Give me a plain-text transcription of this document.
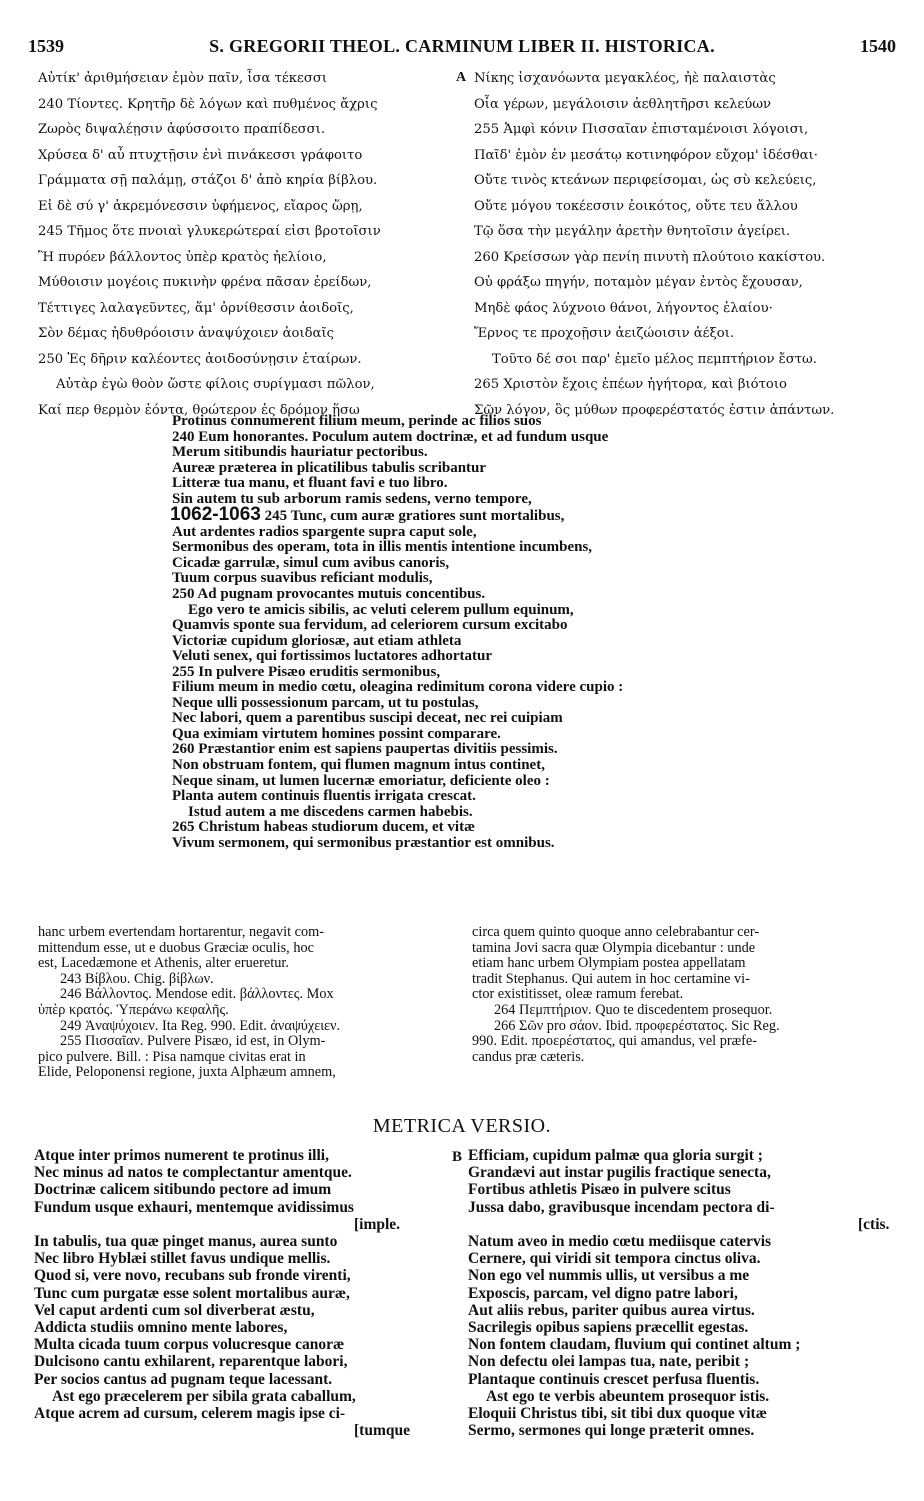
1539	S. GREGORII THEOL. CARMINUM LIBER II. HISTORICA.	1540
Αὐτίκ' ἀριθμήσειαν ἐμὸν παῖν, ἶσα τέκεσσι
240 Τίοντες. Κρητῆρ δὲ λόγων καὶ πυθμένος ἄχρις
Ζωρὸς διψαλέῃσιν ἀφύσσοιτο πραπίδεσσι.
Χρύσεα δ' αὖ πτυχτῇσιν ἐνὶ πινάκεσσι γράφοιτο
Γράμματα σῇ παλάμῃ, στάζοι δ' ἀπὸ κηρία βίβλου.
Εἰ δὲ σύ γ' ἀκρεμόνεσσιν ὑφήμενος, εἴαρος ὥρῃ,
245 Τῆμος ὅτε πνοιαὶ γλυκερώτεραί εἰσι βροτοῖσιν
Ἢ πυρόεν βάλλοντος ὑπὲρ κρατὸς ἠελίοιο,
Μύθοισιν μογέοις πυκινὴν φρένα πᾶσαν ἐρείδων,
Τέττιγες λαλαγεῦντες, ἅμ' ὀρνίθεσσιν ἀοιδοῖς,
Σὸν δέμας ἡδυθρόοισιν ἀναψύχοιεν ἀοιδαῖς
250 Ἐς δῆριν καλέοντες ἀοιδοσύνῃσιν ἑταίρων.
Αὐτὰρ ἐγὼ θοὸν ὥστε φίλοις συρίγμασι πῶλον,
Καί περ θερμὸν ἐόντα, θοώτερον ἐς δρόμον ἥσω
A Νίκης ἰσχανόωντα μεγακλέος, ἠὲ παλαιστὰς
Οἷα γέρων, μεγάλοισιν ἀεθλητῆρσι κελεύων
255 Ἀμφὶ κόνιν Πισσαῖαν ἐπισταμένοισι λόγοισι,
Παῖδ' ἐμὸν ἐν μεσάτῳ κοτινηφόρον εὔχομ' ἰδέσθαι·
Οὔτε τινὸς κτεάνων περιφείσομαι, ὡς σὺ κελεύεις,
Οὔτε μόγου τοκέεσσιν ἐοικότος, οὔτε τευ ἄλλου
Τῷ ὅσα τὴν μεγάλην ἀρετὴν θνητοῖσιν ἀγείρει.
260 Κρείσσων γὰρ πενίη πινυτὴ πλούτοιο κακίστου.
Οὐ φράξω πηγήν, ποταμὸν μέγαν ἐντὸς ἔχουσαν,
Μηδὲ φάος λύχνοιο θάνοι, λήγοντος ἐλαίου·
Ἔρνος τε προχοῇσιν ἀειζώοισιν ἀέξοι.
Τοῦτο δέ σοι παρ' ἐμεῖο μέλος πεμπτήριον ἔστω.
265 Χριστὸν ἔχοις ἐπέων ἡγήτορα, καὶ βιότοιο
Σῶν λόγον, ὃς μύθων προφερέστατός ἐστιν ἁπάντων.
Protinus connumerent filium meum, perinde ac filios suos
240 Eum honorantes. Poculum autem doctrinæ, et ad fundum usque
Merum sitibundis hauriatur pectoribus.
Aureæ præterea in plicatilibus tabulis scribantur
Litteræ tua manu, et fluant favi e tuo libro.
Sin autem tu sub arborum ramis sedens, verno tempore,
1062-1063 245 Tunc, cum auræ gratiores sunt mortalibus,
Aut ardentes radios spargente supra caput sole,
Sermonibus des operam, tota in illis mentis intentione incumbens,
Cicadæ garrulæ, simul cum avibus canoris,
Tuum corpus suavibus reficiant modulis,
250 Ad pugnam provocantes mutuis concentibus.
Ego vero te amicis sibilis, ac veluti celerem pullum equinum,
Quamvis sponte sua fervidum, ad celeriorem cursum excitabo
Victoriæ cupidum gloriosæ, aut etiam athleta
Veluti senex, qui fortissimos luctatores adhortatur
255 In pulvere Pisæo eruditis sermonibus,
Filium meum in medio cœtu, oleagina redimitum corona videre cupio :
Neque ulli possessionum parcam, ut tu postulas,
Nec labori, quem a parentibus suscipi deceat, nec rei cuipiam
Qua eximiam virtutem homines possint comparare.
260 Præstantior enim est sapiens paupertas divitiis pessimis.
Non obstruam fontem, qui flumen magnum intus continet,
Neque sinam, ut lumen lucernæ emoriatur, deficiente oleo :
Planta autem continuis fluentis irrigata crescat.
Istud autem a me discedens carmen habebis.
265 Christum habeas studiorum ducem, et vitæ
Vivum sermonem, qui sermonibus præstantior est omnibus.
hanc urbem evertendam hortarentur, negavit com-
mittendum esse, ut e duobus Græciæ oculis, hoc
est, Lacedæmone et Athenis, alter erueretur.
243 Βίβλου. Chig. βίβλων.
246 Βάλλοντος. Mendose edit. βάλλοντες. Mox
ὑπὲρ κρατός. Ὑπεράνω κεφαλῆς.
249 Ἀναψύχοιεν. Ita Reg. 990. Edit. ἀναψύχειεν.
255 Πισσαῖαν. Pulvere Pisæo, id est, in Olym-
pico pulvere. Bill. : Pisa namque civitas erat in
Elide, Peloponensi regione, juxta Alphæum amnem,
circa quem quinto quoque anno celebrabantur cer-
tamina Jovi sacra quæ Olympia dicebantur : unde
etiam hanc urbem Olympiam postea appellatam
tradit Stephanus. Qui autem in hoc certamine vi-
ctor existitisset, oleæ ramum ferebat.
264 Πεμπτήριον. Quo te discedentem prosequor.
266 Σῶν pro σάον. Ibid. προφερέστατος. Sic Reg.
990. Edit. προερέστατος, qui amandus, vel præfe-
candus præ cæteris.
METRICA VERSIO.
Atque inter primos numerent te protinus illi,
Nec minus ad natos te complectantur amentque.
Doctrinæ calicem sitibundo pectore ad imum
Fundum usque exhauri, mentemque avidissimus
[imple.
In tabulis, tua quæ pinget manus, aurea sunto
Nec libro Hyblæi stillet favus undique mellis.
Quod si, vere novo, recubans sub fronde virenti,
Tunc cum purgatæ esse solent mortalibus auræ,
Vel caput ardenti cum sol diverberat æstu,
Addicta studiis omnino mente labores,
Multa cicada tuum corpus volucresque canoræ
Dulcisono cantu exhilarent, reparentque labori,
Per socios cantus ad pugnam teque lacessant.
Ast ego præcelerem per sibila grata caballum,
Atque acrem ad cursum, celerem magis ipse ci-
[tumque
B Efficiam, cupidum palmæ qua gloria surgit ;
Grandævi aut instar pugilis fractique senecta,
Fortibus athletis Pisæo in pulvere scitus
Jussa dabo, gravibusque incendam pectora di-
[ctis.
Natum aveo in medio cœtu mediisque catervis
Cernere, qui viridi sit tempora cinctus oliva.
Non ego vel nummis ullis, ut versibus a me
Exposcis, parcam, vel digno patre labori,
Aut aliis rebus, pariter quibus aurea virtus.
Sacrilegis opibus sapiens præcellit egestas.
Non fontem claudam, fluvium qui continet altum ;
Non defectu olei lampas tua, nate, peribit ;
Plantaque continuis crescet perfusa fluentis.
Ast ego te verbis abeuntem prosequor istis.
Eloquii Christus tibi, sit tibi dux quoque vitæ
Sermo, sermones qui longe præterit omnes.
